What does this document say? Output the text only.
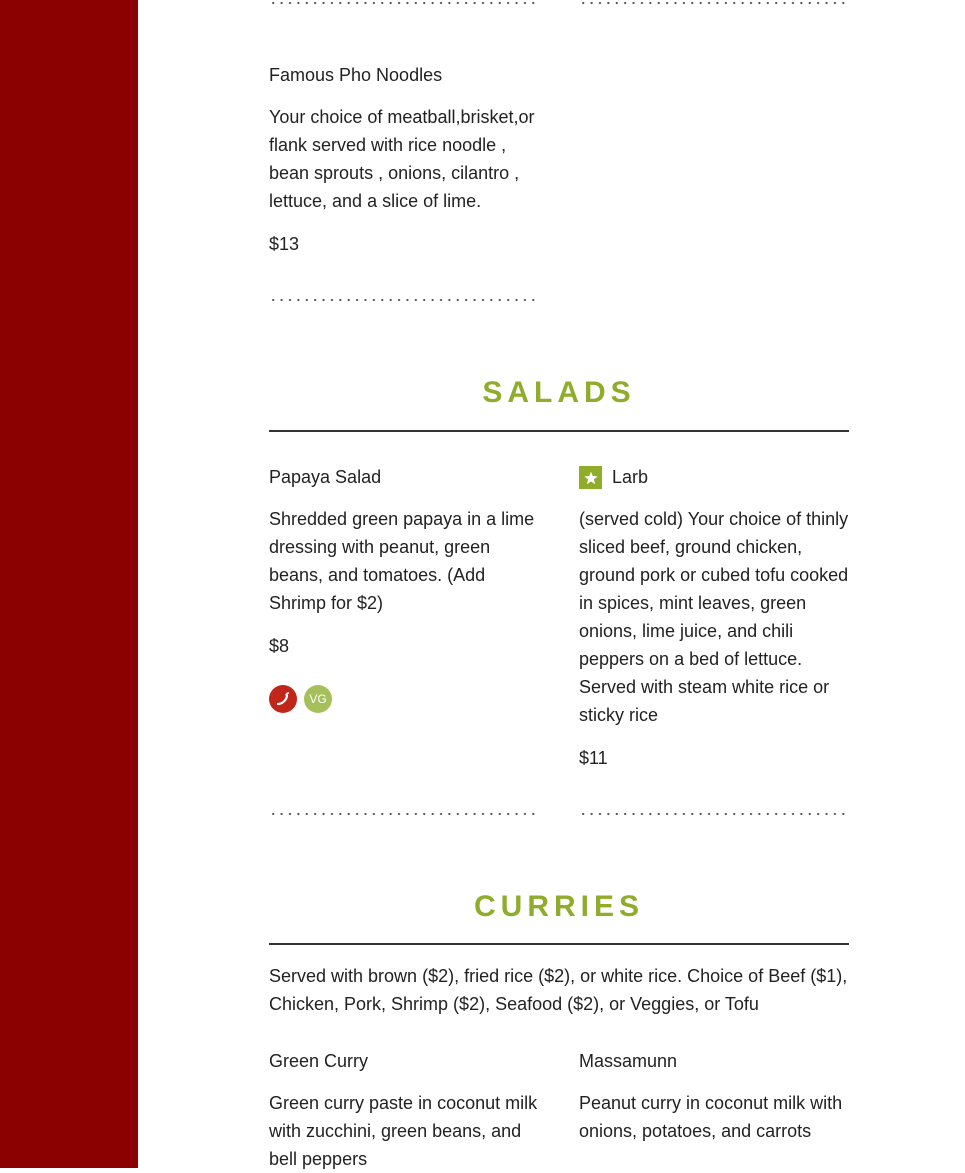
Famous Pho Noodles
Your choice of meatball,brisket,or flank served with rice noodle , bean sprouts , onions, cilantro , lettuce, and a slice of lime.
$13
SALADS
Papaya Salad
Shredded green papaya in a lime dressing with peanut, green beans, and tomatoes. (Add Shrimp for $2)
$8
VG
Larb
(served cold) Your choice of thinly sliced beef, ground chicken, ground pork or cubed tofu cooked in spices, mint leaves, green onions, lime juice, and chili peppers on a bed of lettuce. Served with steam white rice or sticky rice
$11
CURRIES
Served with brown ($2), fried rice ($2), or white rice. Choice of Beef ($1), Chicken, Pork, Shrimp ($2), Seafood ($2), or Veggies, or Tofu
Green Curry
Green curry paste in coconut milk with zucchini, green beans, and bell peppers
Massamunn
Peanut curry in coconut milk with onions, potatoes, and carrots
